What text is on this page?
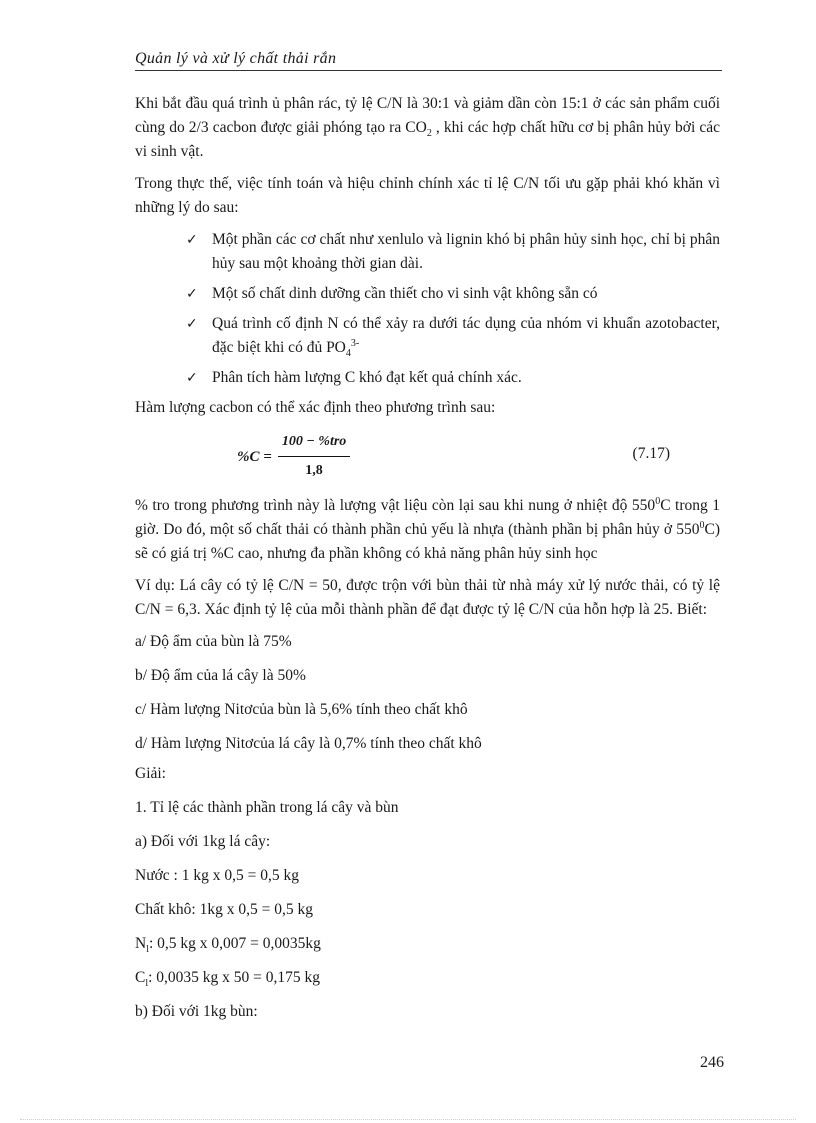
Quản lý và xử lý chất thải rắn

Khi bắt đầu quá trình ủ phân rác, tỷ lệ C/N là 30:1 và giảm dần còn 15:1 ở các sản phẩm cuối cùng do 2/3 cacbon được giải phóng tạo ra $CO_2$ , khi các hợp chất hữu cơ bị phân hủy bởi các vi sinh vật.

Trong thực thế, việc tính toán và hiệu chỉnh chính xác tỉ lệ C/N tối ưu gặp phải khó khăn vì những lý do sau:

✓ Một phần các cơ chất như xenlulo và lignin khó bị phân hủy sinh học, chỉ bị phân hủy sau một khoảng thời gian dài.
✓ Một số chất dinh dưỡng cần thiết cho vi sinh vật không sẵn có
✓ Quá trình cố định N có thể xảy ra dưới tác dụng của nhóm vi khuẩn azotobacter, đặc biệt khi có đủ $PO_4^{3-}$
✓ Phân tích hàm lượng C khó đạt kết quả chính xác.

Hàm lượng cacbon có thể xác định theo phương trình sau:

$\%C = \frac{\text{100 − \%tro}}{1,8}$	(7.17)

% tro trong phương trình này là lượng vật liệu còn lại sau khi nung ở nhiệt độ $550^0C$ trong 1 giờ. Do đó, một số chất thải có thành phần chủ yếu là nhựa (thành phần bị phân hủy ở $550^0C$) sẽ có giá trị %C cao, nhưng đa phần không có khả năng phân hủy sinh học

Ví dụ: Lá cây có tỷ lệ C/N = 50, được trộn với bùn thải từ nhà máy xử lý nước thải, có tỷ lệ C/N = 6,3. Xác định tỷ lệ của mỗi thành phần để đạt được tỷ lệ C/N của hỗn hợp là 25. Biết:

a/ Độ ẩm của bùn là 75%
b/ Độ ẩm của lá cây là 50%
c/ Hàm lượng Nitơcủa bùn là 5,6% tính theo chất khô
d/ Hàm lượng Nitơcủa lá cây là 0,7% tính theo chất khô
Giải:
1. Tỉ lệ các thành phần trong lá cây và bùn
a) Đối với 1kg lá cây:
Nước : 1 kg x 0,5 = 0,5 kg
Chất khô: 1kg x 0,5 = 0,5 kg
$N_l$: 0,5 kg x 0,007 = 0,0035kg
$C_l$: 0,0035 kg x 50 = 0,175 kg
b) Đối với 1kg bùn:
246
